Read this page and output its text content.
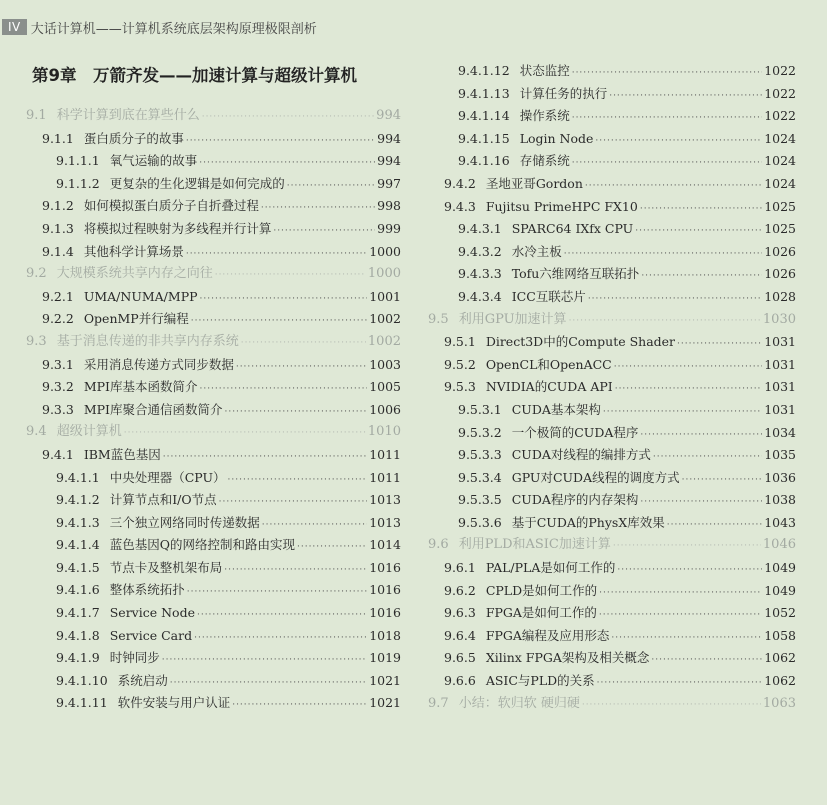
IV 大话计算机——计算机系统底层架构原理极限剖析
第9章　万箭齐发——加速计算与超级计算机
9.1 科学计算到底在算些什么 ·····	994
9.1.1 蛋白质分子的故事 ·····	994
9.1.1.1 氧气运输的故事 ·····	994
9.1.1.2 更复杂的生化逻辑是如何完成的 ·····	997
9.1.2 如何模拟蛋白质分子自折叠过程 ·····	998
9.1.3 将模拟过程映射为多线程并行计算 ·····	999
9.1.4 其他科学计算场景 ·····	1000
9.2 大规模系统共享内存之向往 ·····	1000
9.2.1 UMA/NUMA/MPP ·····	1001
9.2.2 OpenMP并行编程 ·····	1002
9.3 基于消息传递的非共享内存系统 ·····	1002
9.3.1 采用消息传递方式同步数据 ·····	1003
9.3.2 MPI库基本函数简介 ·····	1005
9.3.3 MPI库聚合通信函数简介 ·····	1006
9.4 超级计算机 ·····	1010
9.4.1 IBM蓝色基因 ·····	1011
9.4.1.1 中央处理器（CPU） ·····	1011
9.4.1.2 计算节点和I/O节点 ·····	1013
9.4.1.3 三个独立网络同时传递数据 ·····	1013
9.4.1.4 蓝色基因Q的网络控制和路由实现 ·····	1014
9.4.1.5 节点卡及整机架布局 ·····	1016
9.4.1.6 整体系统拓扑 ·····	1016
9.4.1.7 Service Node ·····	1016
9.4.1.8 Service Card ·····	1018
9.4.1.9 时钟同步 ·····	1019
9.4.1.10 系统启动 ·····	1021
9.4.1.11 软件安装与用户认证 ·····	1021
9.4.1.12 状态监控 ·····	1022
9.4.1.13 计算任务的执行 ·····	1022
9.4.1.14 操作系统 ·····	1022
9.4.1.15 Login Node ·····	1024
9.4.1.16 存储系统 ·····	1024
9.4.2 圣地亚哥Gordon ·····	1024
9.4.3 Fujitsu PrimeHPC FX10 ·····	1025
9.4.3.1 SPARC64 IXfx CPU ·····	1025
9.4.3.2 水冷主板 ·····	1026
9.4.3.3 Tofu六维网络互联拓扑 ·····	1026
9.4.3.4 ICC互联芯片 ·····	1028
9.5 利用GPU加速计算 ·····	1030
9.5.1 Direct3D中的Compute Shader ·····	1031
9.5.2 OpenCL和OpenACC ·····	1031
9.5.3 NVIDIA的CUDA API ·····	1031
9.5.3.1 CUDA基本架构 ·····	1031
9.5.3.2 一个极简的CUDA程序 ·····	1034
9.5.3.3 CUDA对线程的编排方式 ·····	1035
9.5.3.4 GPU对CUDA线程的调度方式 ·····	1036
9.5.3.5 CUDA程序的内存架构 ·····	1038
9.5.3.6 基于CUDA的PhysX库效果 ·····	1043
9.6 利用PLD和ASIC加速计算 ·····	1046
9.6.1 PAL/PLA是如何工作的 ·····	1049
9.6.2 CPLD是如何工作的 ·····	1049
9.6.3 FPGA是如何工作的 ·····	1052
9.6.4 FPGA编程及应用形态 ·····	1058
9.6.5 Xilinx FPGA架构及相关概念 ·····	1062
9.6.6 ASIC与PLD的关系 ·····	1062
9.7 小结：软归软 硬归硬 ·····	1063
